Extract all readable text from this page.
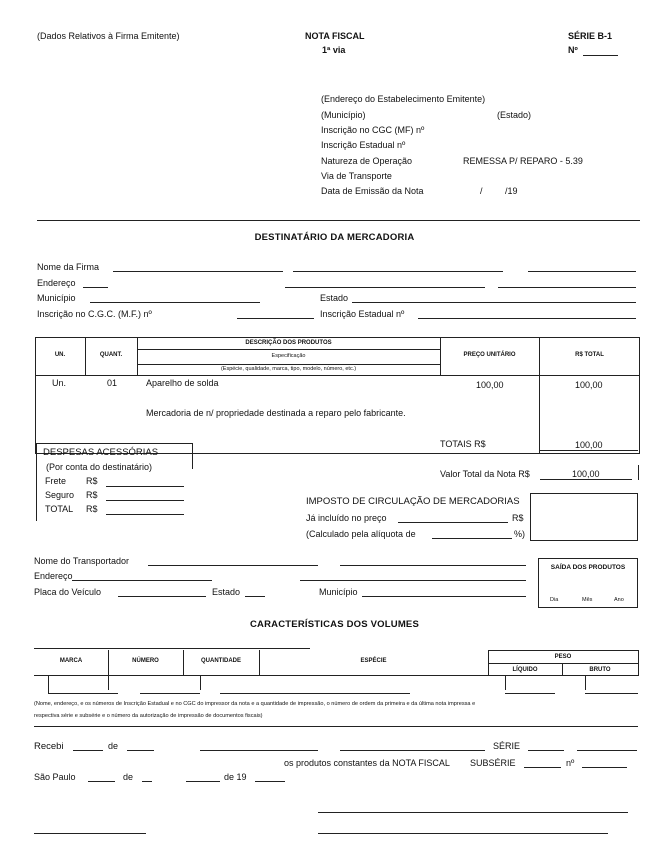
(Dados Relativos à Firma Emitente)	NOTA FISCAL
1ª via
SÉRIE B-1
Nº
(Endereço do Estabelecimento Emitente)
(Município)	(Estado)
Inscrição no CGC (MF) nº
Inscrição Estadual nº
Natureza de Operação	REMESSA P/ REPARO - 5.39
Via de Transporte
Data de Emissão da Nota	/ /19
DESTINATÁRIO DA MERCADORIA
Nome da Firma
Endereço
Município	Estado
Inscrição no C.G.C. (M.F.) nº	Inscrição Estadual nº
UN.	QUANT.
DESCRIÇÃO DOS PRODUTOS
Especificação
(Espécie, qualidade, marca, tipo, modelo, número, etc.)
PREÇO UNITÁRIO	R$ TOTAL
Un.	01	Aparelho de solda	100,00	100,00
Mercadoria de n/ propriedade destinada a reparo pelo fabricante.
TOTAIS R$	100,00
DESPESAS ACESSÓRIAS
(Por conta do destinatário)
Frete R$
Seguro R$
TOTAL R$
Valor Total da Nota R$	100,00
IMPOSTO DE CIRCULAÇÃO DE MERCADORIAS
Já incluído no preço	R$
(Calculado pela alíquota de	%)
Nome do Transportador
Endereço
Placa do Veículo	Estado	Município
SAÍDA DOS PRODUTOS
Dia	Mês	Ano
CARACTERÍSTICAS DOS VOLUMES
MARCA	NÚMERO	QUANTIDADE	ESPÉCIE
PESO
LÍQUIDO	BRUTO
(Nome, endereço, e os números de Inscrição Estadual e no CGC do impressor da nota e a quantidade de impressão, o número de ordem da primeira e da última nota impressa e
respectiva série e subsérie e o número da autorização de impressão de documentos fiscais)
Recebi	de	SÉRIE
os produtos constantes da NOTA FISCAL SUBSÉRIE	nº
São Paulo	de	de 19
